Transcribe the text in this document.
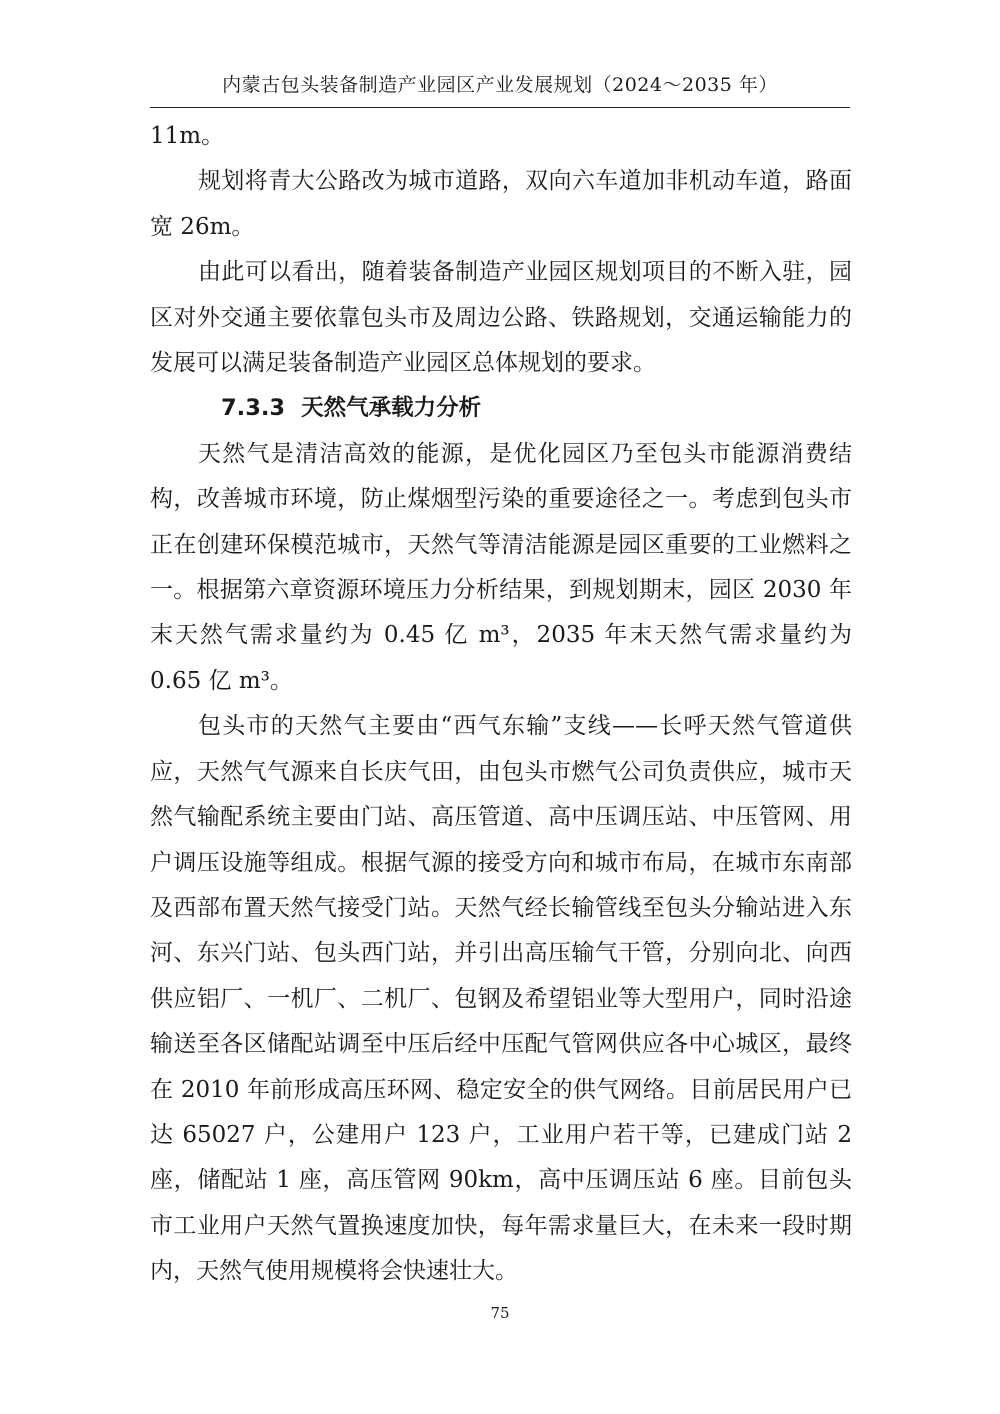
内蒙古包头装备制造产业园区产业发展规划（2024～2035 年）

11m。

规划将青大公路改为城市道路，双向六车道加非机动车道，路面宽 26m。

由此可以看出，随着装备制造产业园区规划项目的不断入驻，园区对外交通主要依靠包头市及周边公路、铁路规划，交通运输能力的发展可以满足装备制造产业园区总体规划的要求。

7.3.3 天然气承载力分析

天然气是清洁高效的能源，是优化园区乃至包头市能源消费结构，改善城市环境，防止煤烟型污染的重要途径之一。考虑到包头市正在创建环保模范城市，天然气等清洁能源是园区重要的工业燃料之一。根据第六章资源环境压力分析结果，到规划期末，园区 2030 年末天然气需求量约为 0.45 亿 m³，2035 年末天然气需求量约为 0.65 亿 m³。

包头市的天然气主要由“西气东输”支线——长呼天然气管道供应，天然气气源来自长庆气田，由包头市燃气公司负责供应，城市天然气输配系统主要由门站、高压管道、高中压调压站、中压管网、用户调压设施等组成。根据气源的接受方向和城市布局，在城市东南部及西部布置天然气接受门站。天然气经长输管线至包头分输站进入东河、东兴门站、包头西门站，并引出高压输气干管，分别向北、向西供应铝厂、一机厂、二机厂、包钢及希望铝业等大型用户，同时沿途输送至各区储配站调至中压后经中压配气管网供应各中心城区，最终在 2010 年前形成高压环网、稳定安全的供气网络。目前居民用户已达 65027 户，公建用户 123 户，工业用户若干等，已建成门站 2 座，储配站 1 座，高压管网 90km，高中压调压站 6 座。目前包头市工业用户天然气置换速度加快，每年需求量巨大，在未来一段时期内，天然气使用规模将会快速壮大。

75
